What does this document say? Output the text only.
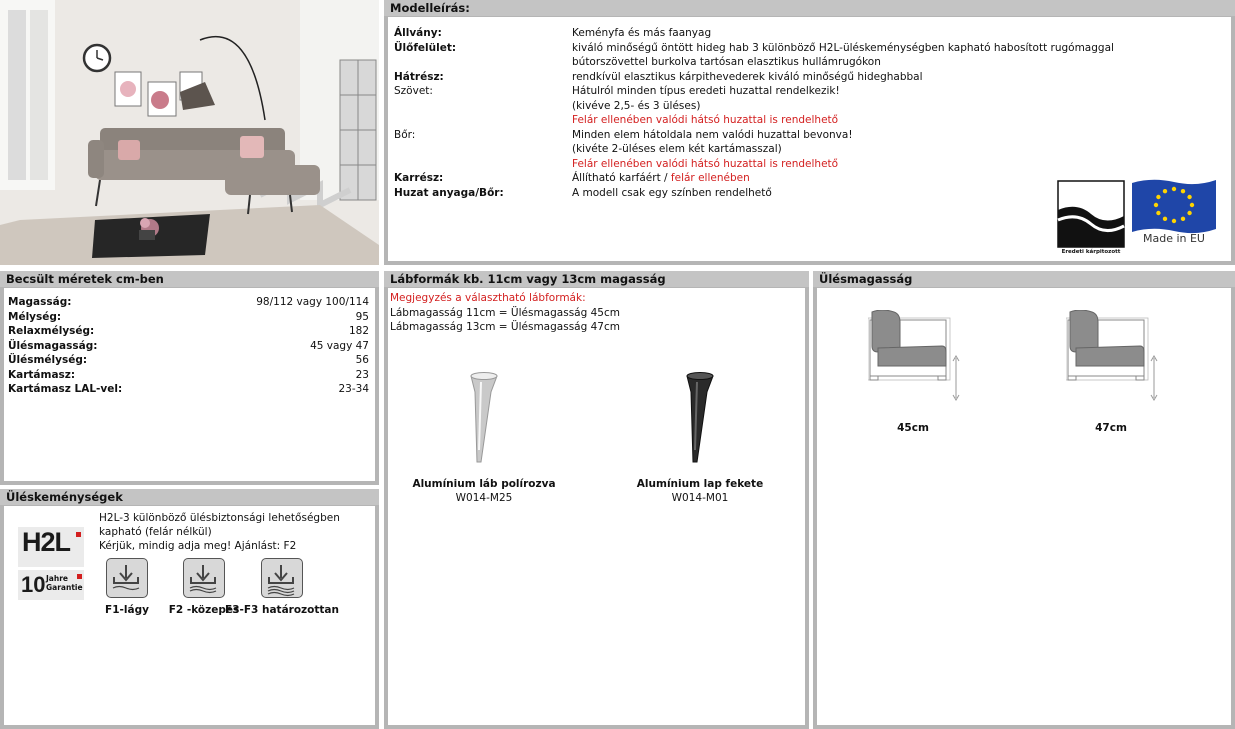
Modelleírás:
Állvány:	Keményfa és más faanyag
Ülőfelület:	kiváló minőségű öntött hideg hab 3 különböző H2L-üléskeménységben kapható habosított rugómaggal
bútorszövettel burkolva tartósan elasztikus hullámrugókon
Hátrész:	rendkívül elasztikus kárpithevederek kiváló minőségű hideghabbal
Szövet:	Hátulról minden típus eredeti huzattal rendelkezik!
(kivéve 2,5- és 3 üléses)
Felár ellenében valódi hátsó huzattal is rendelhető
Bőr:	Minden elem hátoldala nem valódi huzattal bevonva!
(kivéte 2-üléses elem két kartámasszal)
Felár ellenében valódi hátsó huzattal is rendelhető
Karrész:	Állítható karfáért / felár ellenében
Huzat anyaga/Bőr:	A modell csak egy színben rendelhető
Eredeti kárpitozott
Made in EU
Becsült méretek cm-ben
Magasság:	98/112 vagy 100/114
Mélység:	95
Relaxmélység:	182
Ülésmagasság:	45 vagy 47
Ülésmélység:	56
Kartámasz:	23
Kartámasz LAL-vel:	23-34
Üléskeménységek
H2L
10 Jahre
Garantie
H2L-3 különböző ülésbiztonsági lehetőségben
kapható (felár nélkül)
Kérjük, mindig adja meg! Ajánlást: F2
F1-lágy F2 -közepes
F3-F3 határozottan
Lábformák kb. 11cm vagy 13cm magasság
Megjegyzés a választható lábformák:
Lábmagasság 11cm = Ülésmagasság 45cm
Lábmagasság 13cm = Ülésmagasság 47cm
Alumínium láb polírozva
W014-M25
Alumínium lap fekete
W014-M01
Ülésmagasság
45cm	47cm
